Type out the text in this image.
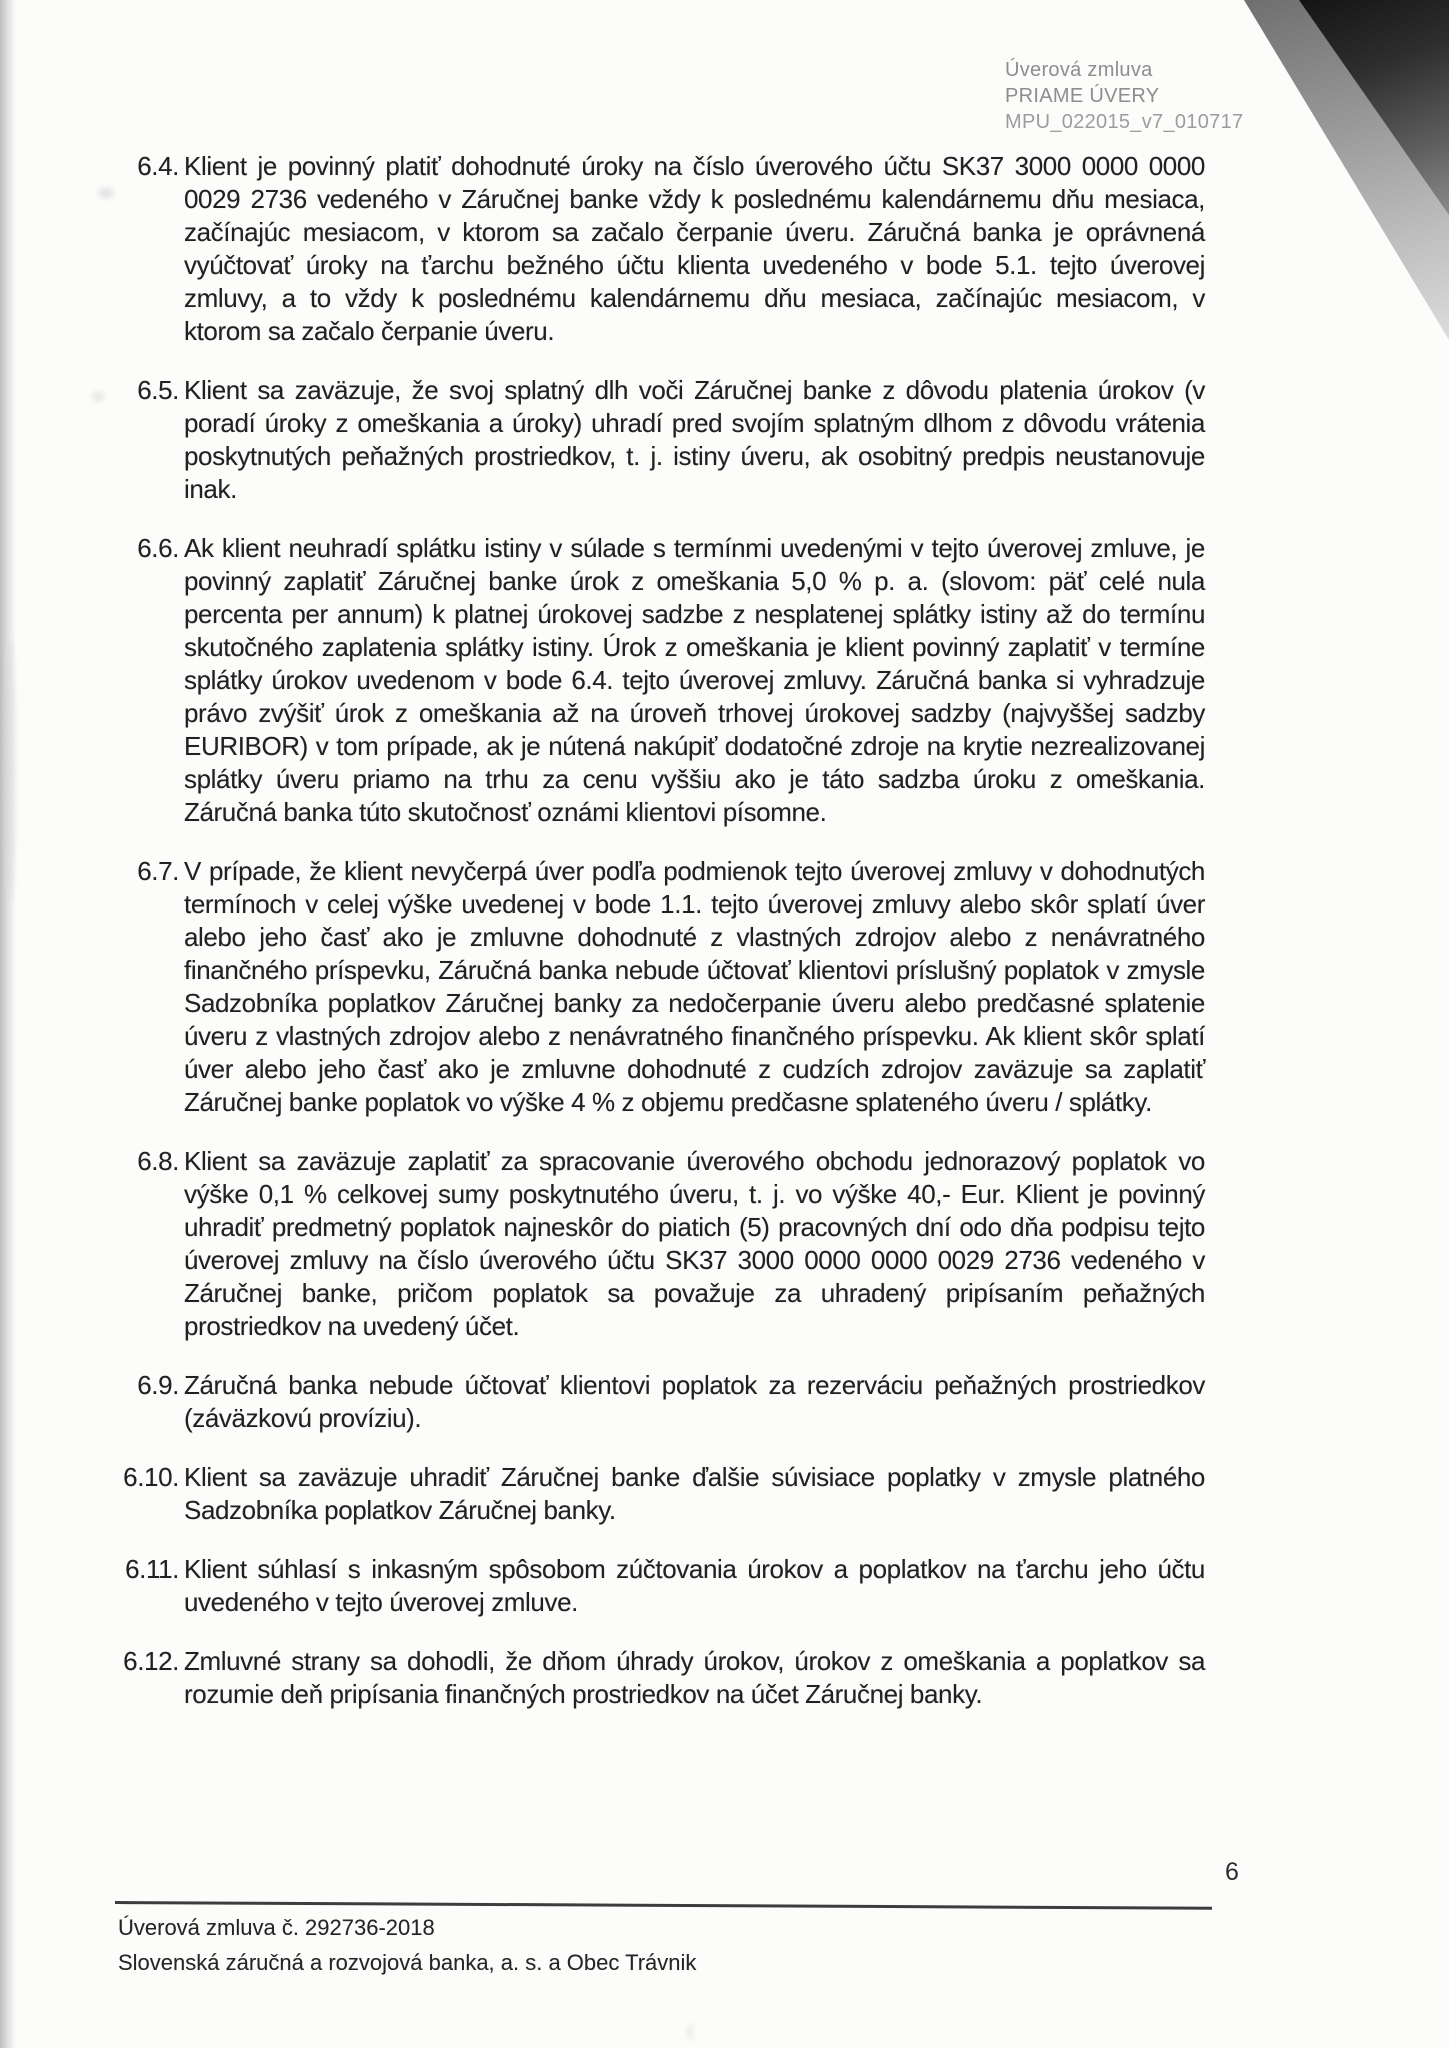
Úverová zmluva
PRIAME ÚVERY
MPU_022015_v7_010717
6.4. Klient je povinný platiť dohodnuté úroky na číslo úverového účtu SK37 3000 0000 0000 0029 2736 vedeného v Záručnej banke vždy k poslednému kalendárnemu dňu mesiaca, začínajúc mesiacom, v ktorom sa začalo čerpanie úveru. Záručná banka je oprávnená vyúčtovať úroky na ťarchu bežného účtu klienta uvedeného v bode 5.1. tejto úverovej zmluvy, a to vždy k poslednému kalendárnemu dňu mesiaca, začínajúc mesiacom, v ktorom sa začalo čerpanie úveru.
6.5. Klient sa zaväzuje, že svoj splatný dlh voči Záručnej banke z dôvodu platenia úrokov (v poradí úroky z omeškania a úroky) uhradí pred svojím splatným dlhom z dôvodu vrátenia poskytnutých peňažných prostriedkov, t. j. istiny úveru, ak osobitný predpis neustanovuje inak.
6.6. Ak klient neuhradí splátku istiny v súlade s termínmi uvedenými v tejto úverovej zmluve, je povinný zaplatiť Záručnej banke úrok z omeškania 5,0 % p. a. (slovom: päť celé nula percenta per annum) k platnej úrokovej sadzbe z nesplatenej splátky istiny až do termínu skutočného zaplatenia splátky istiny. Úrok z omeškania je klient povinný zaplatiť v termíne splátky úrokov uvedenom v bode 6.4. tejto úverovej zmluvy. Záručná banka si vyhradzuje právo zvýšiť úrok z omeškania až na úroveň trhovej úrokovej sadzby (najvyššej sadzby EURIBOR) v tom prípade, ak je nútená nakúpiť dodatočné zdroje na krytie nezrealizovanej splátky úveru priamo na trhu za cenu vyššiu ako je táto sadzba úroku z omeškania. Záručná banka túto skutočnosť oznámi klientovi písomne.
6.7. V prípade, že klient nevyčerpá úver podľa podmienok tejto úverovej zmluvy v dohodnutých termínoch v celej výške uvedenej v bode 1.1. tejto úverovej zmluvy alebo skôr splatí úver alebo jeho časť ako je zmluvne dohodnuté z vlastných zdrojov alebo z nenávratného finančného príspevku, Záručná banka nebude účtovať klientovi príslušný poplatok v zmysle Sadzobníka poplatkov Záručnej banky za nedočerpanie úveru alebo predčasné splatenie úveru z vlastných zdrojov alebo z nenávratného finančného príspevku. Ak klient skôr splatí úver alebo jeho časť ako je zmluvne dohodnuté z cudzích zdrojov zaväzuje sa zaplatiť Záručnej banke poplatok vo výške 4 % z objemu predčasne splateného úveru / splátky.
6.8. Klient sa zaväzuje zaplatiť za spracovanie úverového obchodu jednorazový poplatok vo výške 0,1 % celkovej sumy poskytnutého úveru, t. j. vo výške 40,- Eur. Klient je povinný uhradiť predmetný poplatok najneskôr do piatich (5) pracovných dní odo dňa podpisu tejto úverovej zmluvy na číslo úverového účtu SK37 3000 0000 0000 0029 2736 vedeného v Záručnej banke, pričom poplatok sa považuje za uhradený pripísaním peňažných prostriedkov na uvedený účet.
6.9. Záručná banka nebude účtovať klientovi poplatok za rezerváciu peňažných prostriedkov (záväzkovú províziu).
6.10. Klient sa zaväzuje uhradiť Záručnej banke ďalšie súvisiace poplatky v zmysle platného Sadzobníka poplatkov Záručnej banky.
6.11. Klient súhlasí s inkasným spôsobom zúčtovania úrokov a poplatkov na ťarchu jeho účtu uvedeného v tejto úverovej zmluve.
6.12. Zmluvné strany sa dohodli, že dňom úhrady úrokov, úrokov z omeškania a poplatkov sa rozumie deň pripísania finančných prostriedkov na účet Záručnej banky.
6
Úverová zmluva č. 292736-2018
Slovenská záručná a rozvojová banka, a. s. a Obec Trávnik
